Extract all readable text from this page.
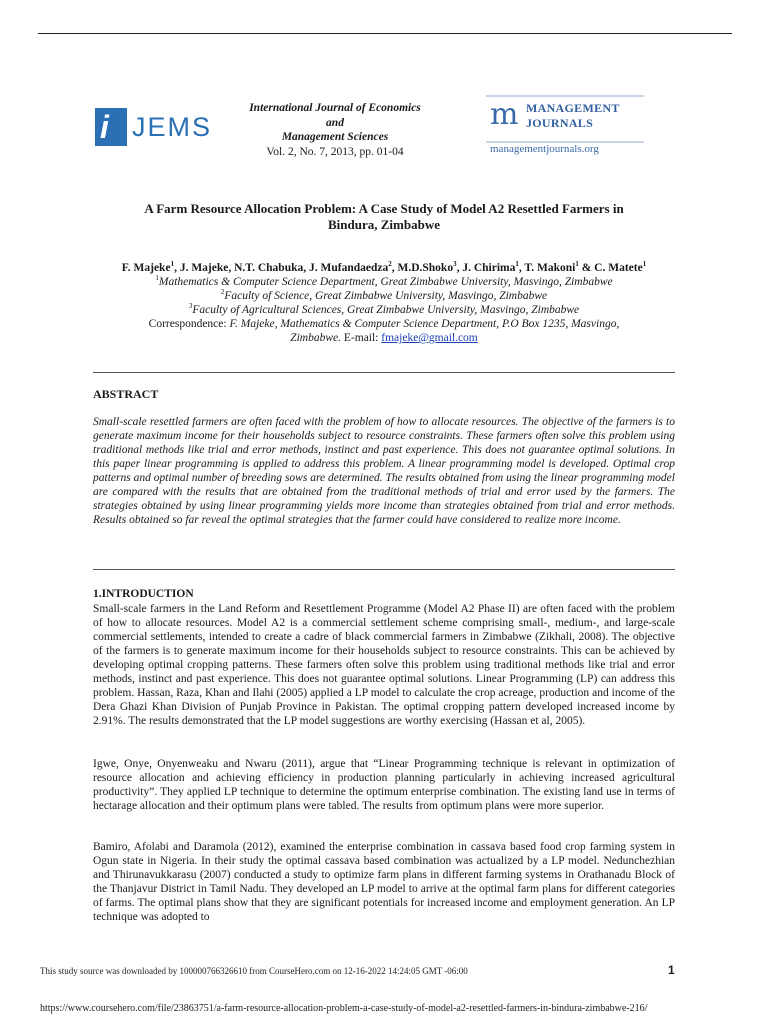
i JEMS
International Journal of Economics
and
Management Sciences
Vol. 2, No. 7, 2013, pp. 01-04
m MANAGEMENT
JOURNALS
managementjournals.org
A Farm Resource Allocation Problem: A Case Study of Model A2 Resettled Farmers in
Bindura, Zimbabwe
F. Majeke$^1$, J. Majeke, N.T. Chabuka, J. Mufandaedza$^2$, M.D.Shoko$^3$, J. Chirima$^1$, T. Makoni$^1$ & C. Matete$^1$
$^1$Mathematics & Computer Science Department, Great Zimbabwe University, Masvingo, Zimbabwe
$^2$Faculty of Science, Great Zimbabwe University, Masvingo, Zimbabwe
$^3$Faculty of Agricultural Sciences, Great Zimbabwe University, Masvingo, Zimbabwe
Correspondence: F. Majeke, Mathematics & Computer Science Department, P.O Box 1235, Masvingo,
Zimbabwe. E-mail: fmajeke@gmail.com
ABSTRACT
Small-scale resettled farmers are often faced with the problem of how to allocate resources. The objective of the farmers is to generate maximum income for their households subject to resource constraints. These farmers often solve this problem using traditional methods like trial and error methods, instinct and past experience. This does not guarantee optimal solutions. In this paper linear programming is applied to address this problem. A linear programming model is developed. Optimal crop patterns and optimal number of breeding sows are determined. The results obtained from using the linear programming model are compared with the results that are obtained from the traditional methods of trial and error used by the farmers. The strategies obtained by using linear programming yields more income than strategies obtained from trial and error methods. Results obtained so far reveal the optimal strategies that the farmer could have considered to realize more income.
1.INTRODUCTION
Small-scale farmers in the Land Reform and Resettlement Programme (Model A2 Phase II) are often faced with the problem of how to allocate resources. Model A2 is a commercial settlement scheme comprising small-, medium-, and large-scale commercial settlements, intended to create a cadre of black commercial farmers in Zimbabwe (Zikhali, 2008). The objective of the farmers is to generate maximum income for their households subject to resource constraints. This can be achieved by developing optimal cropping patterns. These farmers often solve this problem using traditional methods like trial and error methods, instinct and past experience. This does not guarantee optimal solutions. Linear Programming (LP) can address this problem. Hassan, Raza, Khan and Ilahi (2005) applied a LP model to calculate the crop acreage, production and income of the Dera Ghazi Khan Division of Punjab Province in Pakistan. The optimal cropping pattern developed increased income by 2.91%. The results demonstrated that the LP model suggestions are worthy exercising (Hassan et al, 2005).
Igwe, Onye, Onyenweaku and Nwaru (2011), argue that “Linear Programming technique is relevant in optimization of resource allocation and achieving efficiency in production planning particularly in achieving increased agricultural productivity”. They applied LP technique to determine the optimum enterprise combination. The existing land use in terms of hectarage allocation and their optimum plans were tabled. The results from optimum plans were more superior.
Bamiro, Afolabi and Daramola (2012), examined the enterprise combination in cassava based food crop farming system in Ogun state in Nigeria. In their study the optimal cassava based combination was actualized by a LP model. Nedunchezhian and Thirunavukkarasu (2007) conducted a study to optimize farm plans in different farming systems in Orathanadu Block of the Thanjavur District in Tamil Nadu. They developed an LP model to arrive at the optimal farm plans for different categories of farms. The optimal plans show that they are significant potentials for increased income and employment generation. An LP technique was adopted to
This study source was downloaded by 100000766326610 from CourseHero.com on 12-16-2022 14:24:05 GMT -06:00	1
https://www.coursehero.com/file/23863751/a-farm-resource-allocation-problem-a-case-study-of-model-a2-resettled-farmers-in-bindura-zimbabwe-216/
